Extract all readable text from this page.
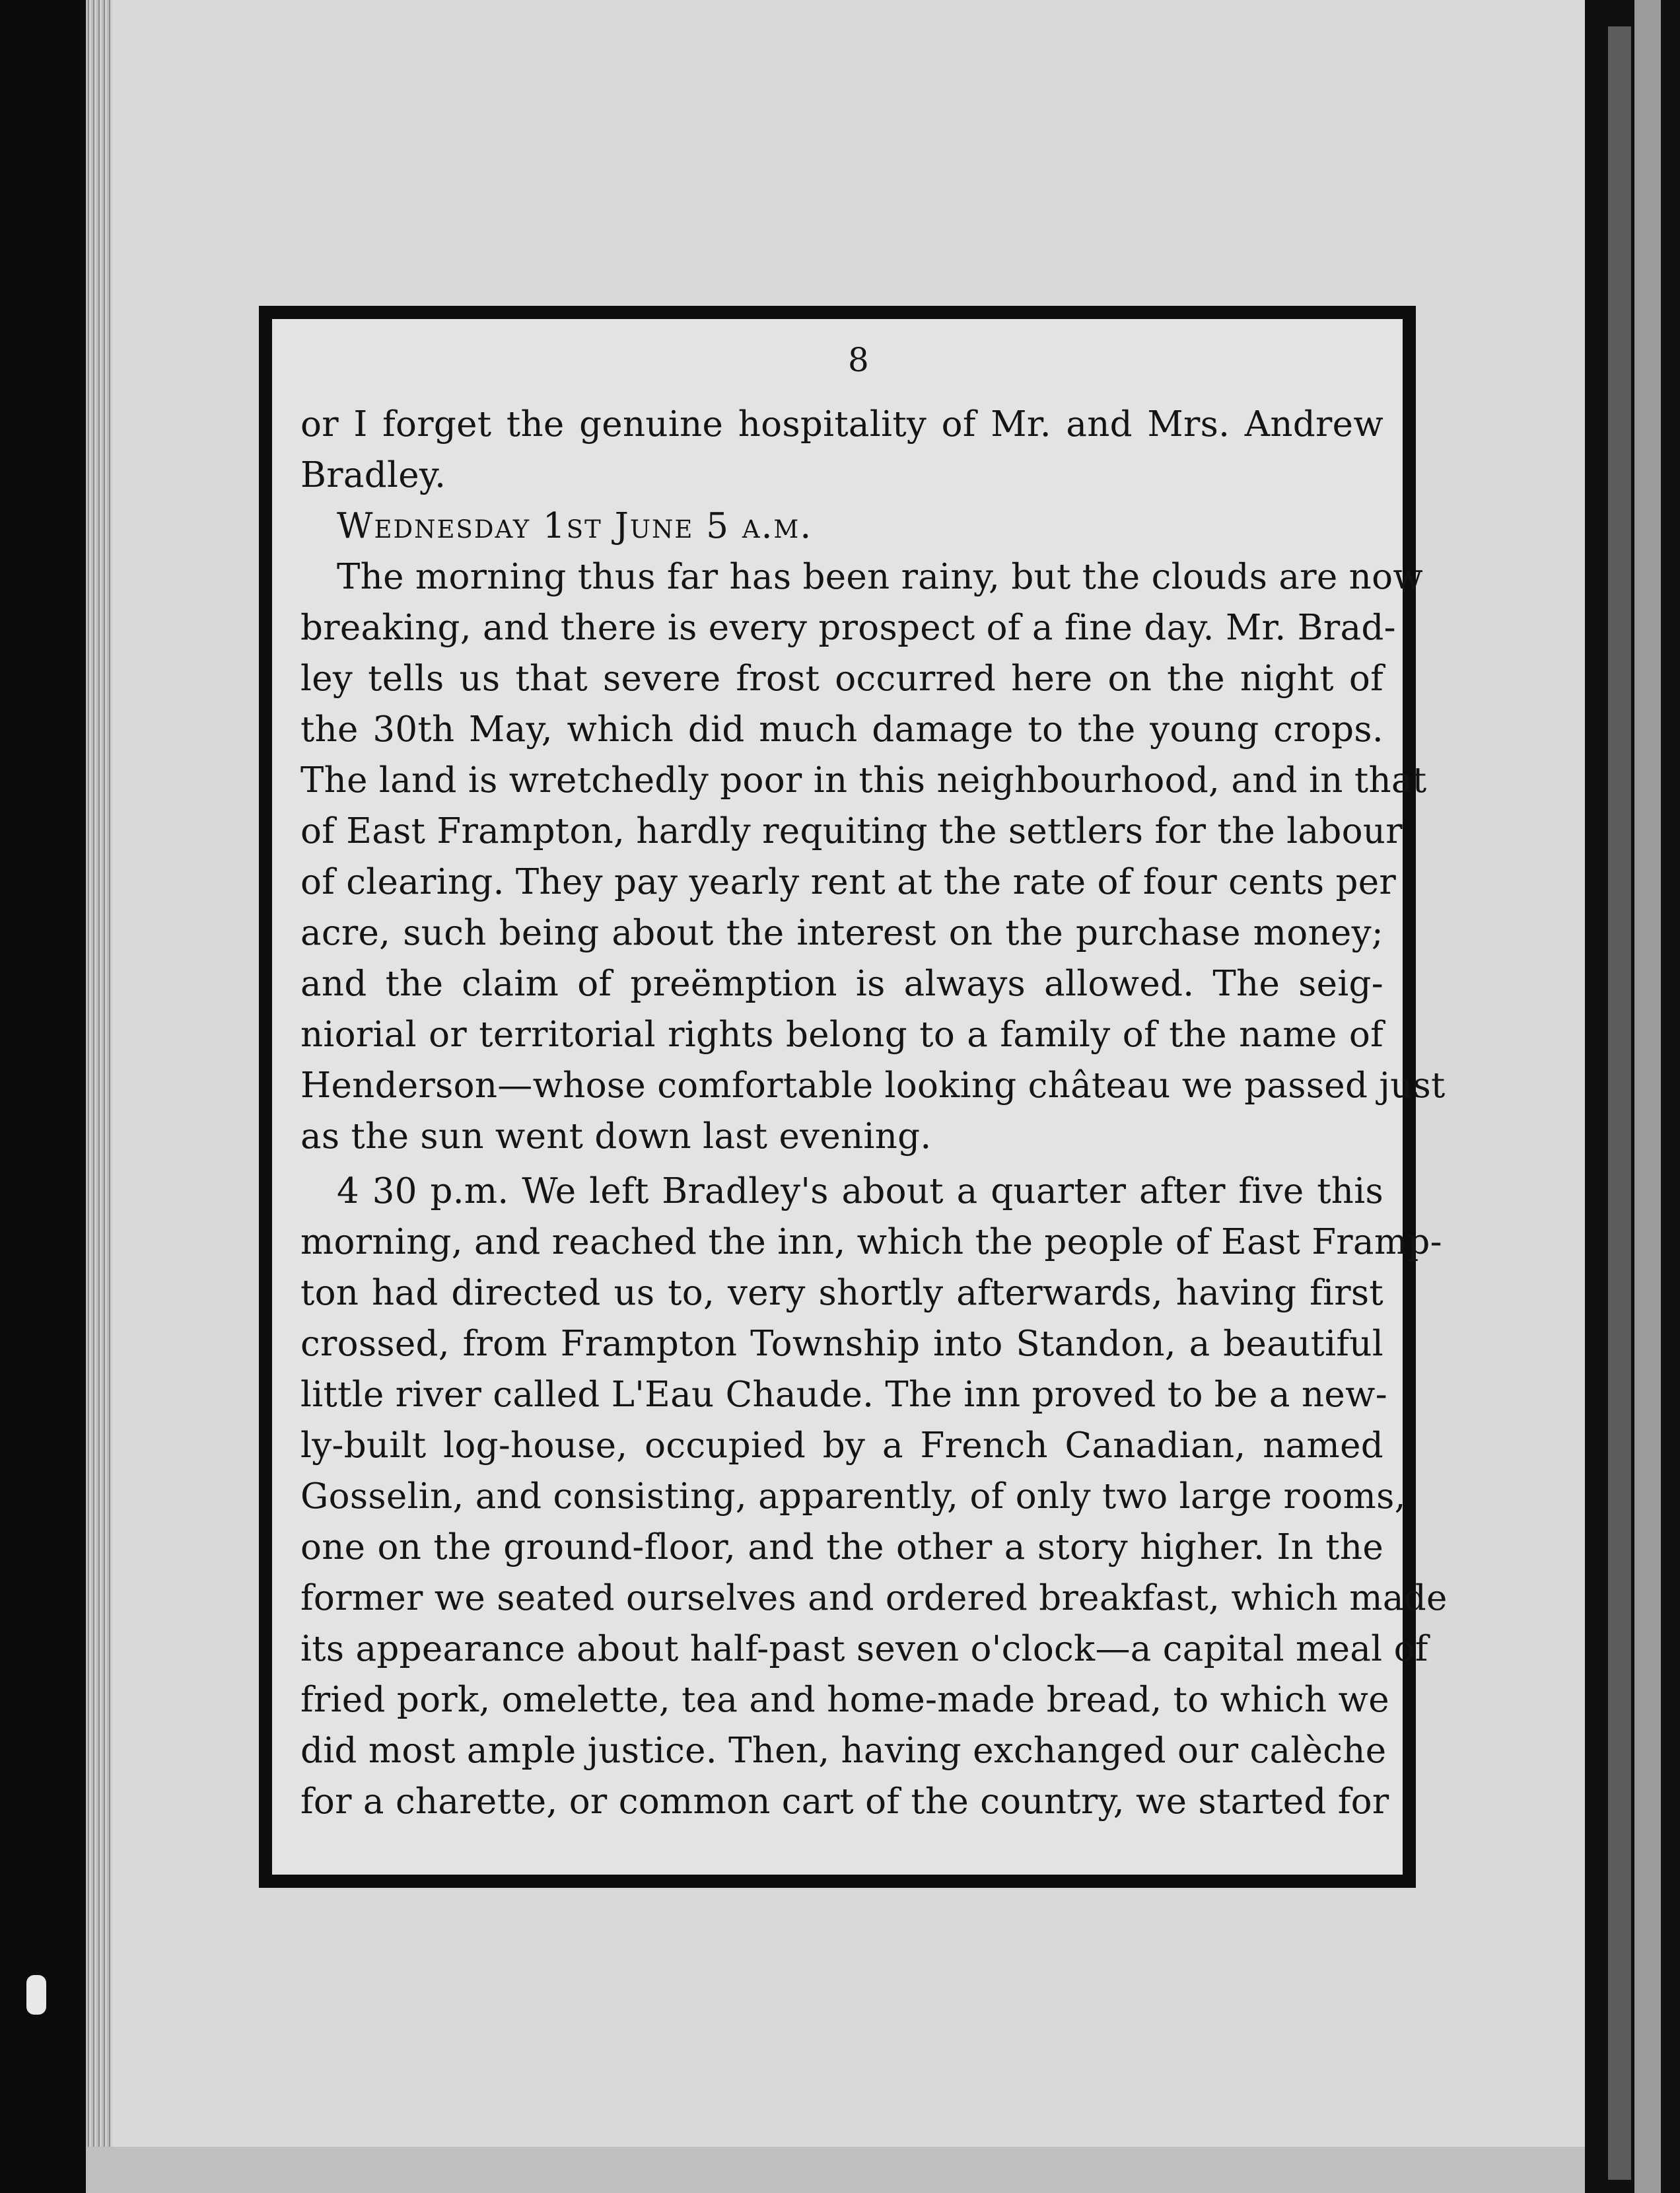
8
or I forget the genuine hospitality of Mr. and Mrs. Andrew
Bradley.
Wednesday 1st June 5 a.m.
The morning thus far has been rainy, but the clouds are now
breaking, and there is every prospect of a fine day. Mr. Brad-
ley tells us that severe frost occurred here on the night of
the 30th May, which did much damage to the young crops.
The land is wretchedly poor in this neighbourhood, and in that
of East Frampton, hardly requiting the settlers for the labour
of clearing. They pay yearly rent at the rate of four cents per
acre, such being about the interest on the purchase money;
and the claim of preëmption is always allowed. The seig-
niorial or territorial rights belong to a family of the name of
Henderson—whose comfortable looking château we passed just
as the sun went down last evening.
4 30 p.m. We left Bradley's about a quarter after five this
morning, and reached the inn, which the people of East Framp-
ton had directed us to, very shortly afterwards, having first
crossed, from Frampton Township into Standon, a beautiful
little river called L'Eau Chaude. The inn proved to be a new-
ly-built log-house, occupied by a French Canadian, named
Gosselin, and consisting, apparently, of only two large rooms,
one on the ground-floor, and the other a story higher. In the
former we seated ourselves and ordered breakfast, which made
its appearance about half-past seven o'clock—a capital meal of
fried pork, omelette, tea and home-made bread, to which we
did most ample justice. Then, having exchanged our calèche
for a charette, or common cart of the country, we started for
